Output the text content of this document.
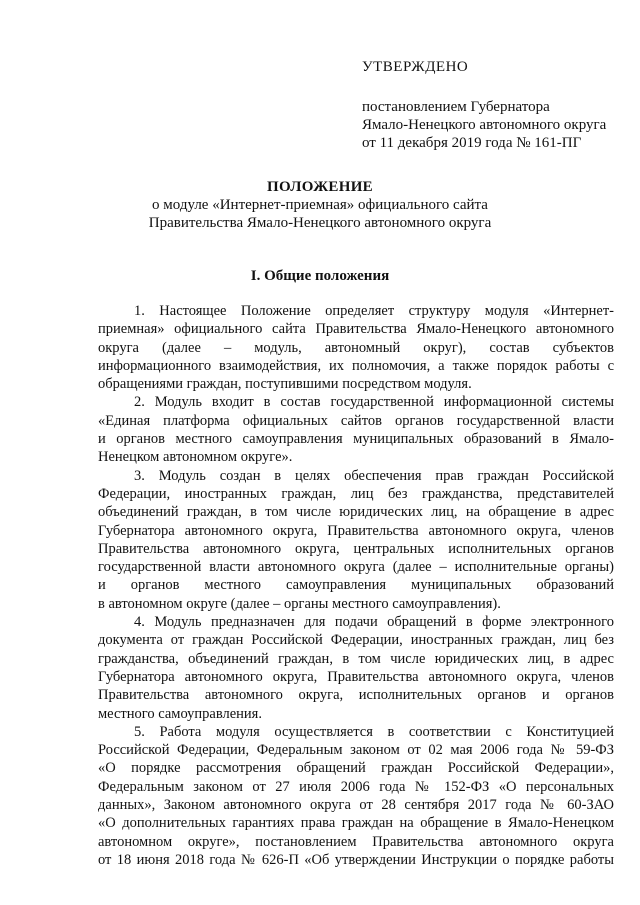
УТВЕРЖДЕНО
постановлением Губернатора
Ямало-Ненецкого автономного округа
от 11 декабря 2019 года № 161-ПГ
ПОЛОЖЕНИЕ
о модуле «Интернет-приемная» официального сайта
Правительства Ямало-Ненецкого автономного округа
I. Общие положения
1. Настоящее Положение определяет структуру модуля «Интернет-
приемная» официального сайта Правительства Ямало-Ненецкого автономного
округа (далее – модуль, автономный округ), состав субъектов
информационного взаимодействия, их полномочия, а также порядок работы с
обращениями граждан, поступившими посредством модуля.
2. Модуль входит в состав государственной информационной системы
«Единая платформа официальных сайтов органов государственной власти
и органов местного самоуправления муниципальных образований в Ямало-
Ненецком автономном округе».
3. Модуль создан в целях обеспечения прав граждан Российской
Федерации, иностранных граждан, лиц без гражданства, представителей
объединений граждан, в том числе юридических лиц, на обращение в адрес
Губернатора автономного округа, Правительства автономного округа, членов
Правительства автономного округа, центральных исполнительных органов
государственной власти автономного округа (далее – исполнительные органы)
и органов местного самоуправления муниципальных образований
в автономном округе (далее – органы местного самоуправления).
4. Модуль предназначен для подачи обращений в форме электронного
документа от граждан Российской Федерации, иностранных граждан, лиц без
гражданства, объединений граждан, в том числе юридических лиц, в адрес
Губернатора автономного округа, Правительства автономного округа, членов
Правительства автономного округа, исполнительных органов и органов
местного самоуправления.
5. Работа модуля осуществляется в соответствии с Конституцией
Российской Федерации, Федеральным законом от 02 мая 2006 года № 59-ФЗ
«О порядке рассмотрения обращений граждан Российской Федерации»,
Федеральным законом от 27 июля 2006 года № 152-ФЗ «О персональных
данных», Законом автономного округа от 28 сентября 2017 года № 60-ЗАО
«О дополнительных гарантиях права граждан на обращение в Ямало-Ненецком
автономном округе», постановлением Правительства автономного округа
от 18 июня 2018 года № 626-П «Об утверждении Инструкции о порядке работы
